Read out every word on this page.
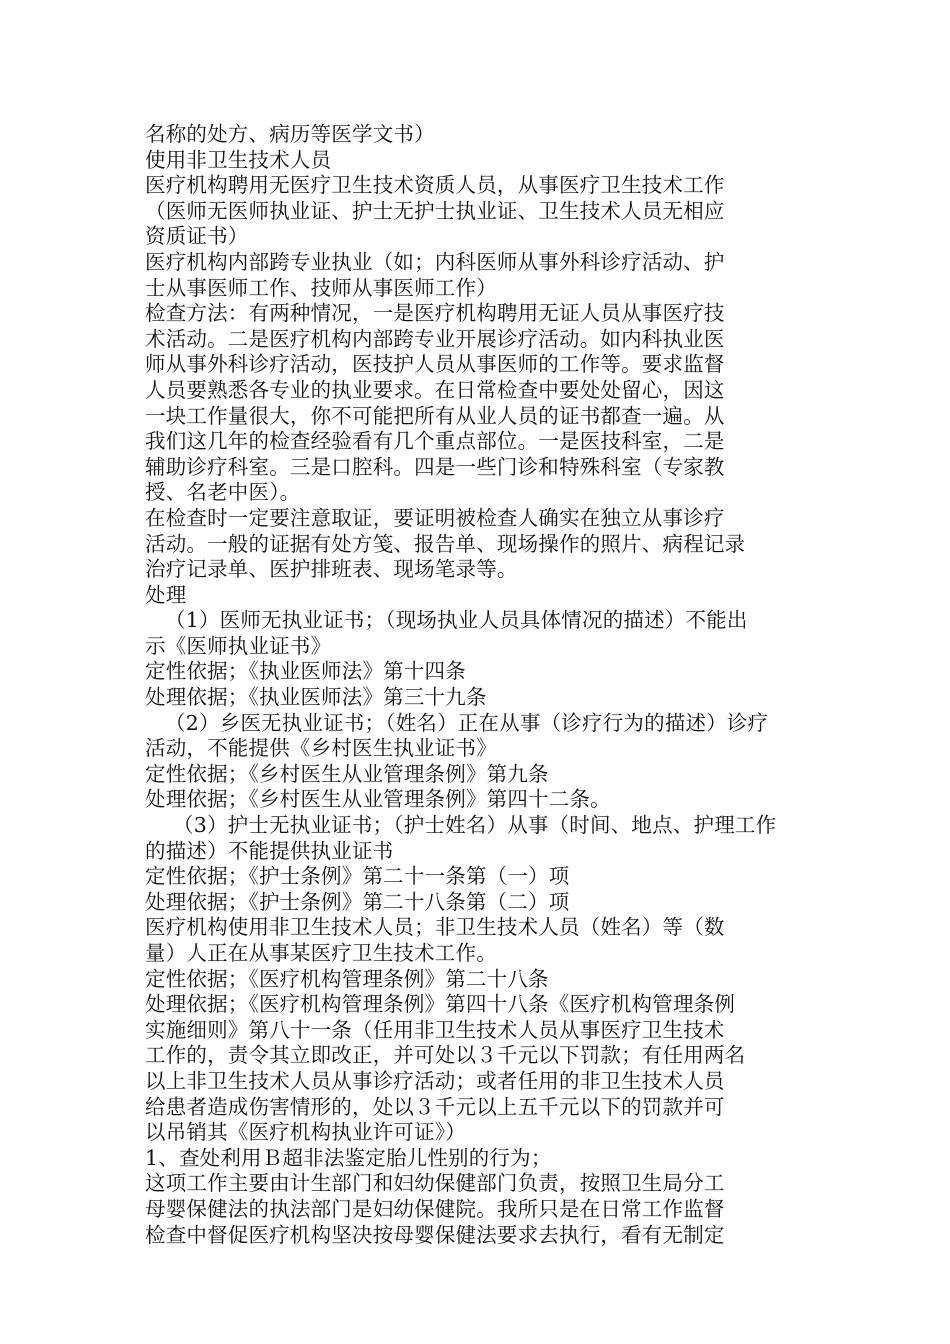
名称的处方、病历等医学文书）
使用非卫生技术人员
医疗机构聘用无医疗卫生技术资质人员，从事医疗卫生技术工作
（医师无医师执业证、护士无护士执业证、卫生技术人员无相应
资质证书）
医疗机构内部跨专业执业（如；内科医师从事外科诊疗活动、护
士从事医师工作、技师从事医师工作）
检查方法：有两种情况，一是医疗机构聘用无证人员从事医疗技
术活动。二是医疗机构内部跨专业开展诊疗活动。如内科执业医
师从事外科诊疗活动，医技护人员从事医师的工作等。要求监督
人员要熟悉各专业的执业要求。在日常检查中要处处留心，因这
一块工作量很大，你不可能把所有从业人员的证书都查一遍。从
我们这几年的检查经验看有几个重点部位。一是医技科室，二是
辅助诊疗科室。三是口腔科。四是一些门诊和特殊科室（专家教
授、名老中医）。
在检查时一定要注意取证，要证明被检查人确实在独立从事诊疗
活动。一般的证据有处方笺、报告单、现场操作的照片、病程记录
治疗记录单、医护排班表、现场笔录等。
处理
（1）医师无执业证书；（现场执业人员具体情况的描述）不能出
示《医师执业证书》
定性依据；《执业医师法》第十四条
处理依据；《执业医师法》第三十九条
（2）乡医无执业证书；（姓名）正在从事（诊疗行为的描述）诊疗
活动，不能提供《乡村医生执业证书》
定性依据；《乡村医生从业管理条例》第九条
处理依据；《乡村医生从业管理条例》第四十二条。
（3）护士无执业证书；（护士姓名）从事（时间、地点、护理工作
的描述）不能提供执业证书
定性依据；《护士条例》第二十一条第（一）项
处理依据；《护士条例》第二十八条第（二）项
医疗机构使用非卫生技术人员；非卫生技术人员（姓名）等（数
量）人正在从事某医疗卫生技术工作。
定性依据；《医疗机构管理条例》第二十八条
处理依据；《医疗机构管理条例》第四十八条《医疗机构管理条例
实施细则》第八十一条（任用非卫生技术人员从事医疗卫生技术
工作的，责令其立即改正，并可处以３千元以下罚款；有任用两名
以上非卫生技术人员从事诊疗活动；或者任用的非卫生技术人员
给患者造成伤害情形的，处以３千元以上五千元以下的罚款并可
以吊销其《医疗机构执业许可证》）
1、查处利用Ｂ超非法鉴定胎儿性别的行为；
这项工作主要由计生部门和妇幼保健部门负责，按照卫生局分工
母婴保健法的执法部门是妇幼保健院。我所只是在日常工作监督
检查中督促医疗机构坚决按母婴保健法要求去执行，看有无制定
